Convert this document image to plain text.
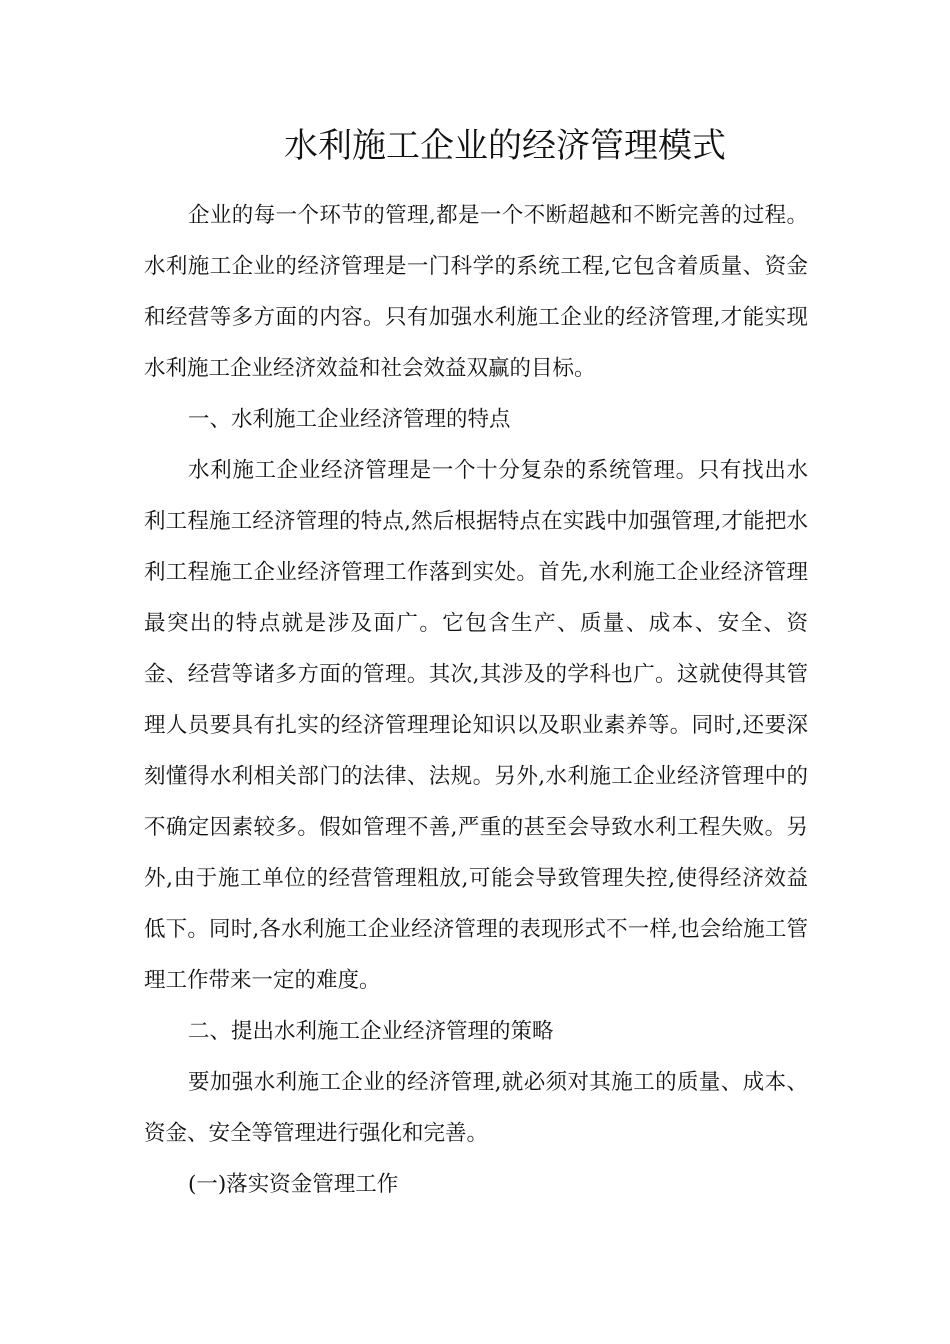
水利施工企业的经济管理模式

企业的每一个环节的管理,都是一个不断超越和不断完善的过程。水利施工企业的经济管理是一门科学的系统工程,它包含着质量、资金和经营等多方面的内容。只有加强水利施工企业的经济管理,才能实现水利施工企业经济效益和社会效益双赢的目标。

一、水利施工企业经济管理的特点

水利施工企业经济管理是一个十分复杂的系统管理。只有找出水利工程施工经济管理的特点,然后根据特点在实践中加强管理,才能把水利工程施工企业经济管理工作落到实处。首先,水利施工企业经济管理最突出的特点就是涉及面广。它包含生产、质量、成本、安全、资金、经营等诸多方面的管理。其次,其涉及的学科也广。这就使得其管理人员要具有扎实的经济管理理论知识以及职业素养等。同时,还要深刻懂得水利相关部门的法律、法规。另外,水利施工企业经济管理中的不确定因素较多。假如管理不善,严重的甚至会导致水利工程失败。另外,由于施工单位的经营管理粗放,可能会导致管理失控,使得经济效益低下。同时,各水利施工企业经济管理的表现形式不一样,也会给施工管理工作带来一定的难度。

二、提出水利施工企业经济管理的策略

要加强水利施工企业的经济管理,就必须对其施工的质量、成本、资金、安全等管理进行强化和完善。

(一)落实资金管理工作
